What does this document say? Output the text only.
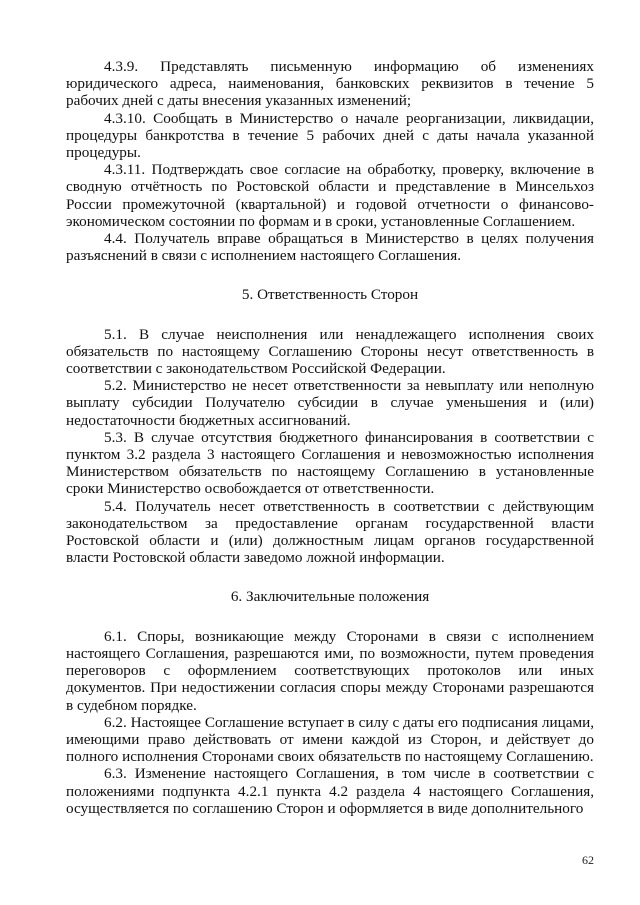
4.3.9. Представлять письменную информацию об изменениях юридического адреса, наименования, банковских реквизитов в течение 5 рабочих дней с даты внесения указанных изменений;

4.3.10. Сообщать в Министерство о начале реорганизации, ликвидации, процедуры банкротства в течение 5 рабочих дней с даты начала указанной процедуры.

4.3.11. Подтверждать свое согласие на обработку, проверку, включение в сводную отчётность по Ростовской области и представление в Минсельхоз России промежуточной (квартальной) и годовой отчетности о финансово-экономическом состоянии по формам и в сроки, установленные Соглашением.

4.4. Получатель вправе обращаться в Министерство в целях получения разъяснений в связи с исполнением настоящего Соглашения.

5. Ответственность Сторон

5.1. В случае неисполнения или ненадлежащего исполнения своих обязательств по настоящему Соглашению Стороны несут ответственность в соответствии с законодательством Российской Федерации.

5.2. Министерство не несет ответственности за невыплату или неполную выплату субсидии Получателю субсидии в случае уменьшения и (или) недостаточности бюджетных ассигнований.

5.3. В случае отсутствия бюджетного финансирования в соответствии с пунктом 3.2 раздела 3 настоящего Соглашения и невозможностью исполнения Министерством обязательств по настоящему Соглашению в установленные сроки Министерство освобождается от ответственности.

5.4. Получатель несет ответственность в соответствии с действующим законодательством за предоставление органам государственной власти Ростовской области и (или) должностным лицам органов государственной власти Ростовской области заведомо ложной информации.

6. Заключительные положения

6.1. Споры, возникающие между Сторонами в связи с исполнением настоящего Соглашения, разрешаются ими, по возможности, путем проведения переговоров с оформлением соответствующих протоколов или иных документов. При недостижении согласия споры между Сторонами разрешаются в судебном порядке.

6.2. Настоящее Соглашение вступает в силу с даты его подписания лицами, имеющими право действовать от имени каждой из Сторон, и действует до полного исполнения Сторонами своих обязательств по настоящему Соглашению.

6.3. Изменение настоящего Соглашения, в том числе в соответствии с положениями подпункта 4.2.1 пункта 4.2 раздела 4 настоящего Соглашения, осуществляется по соглашению Сторон и оформляется в виде дополнительного

62
